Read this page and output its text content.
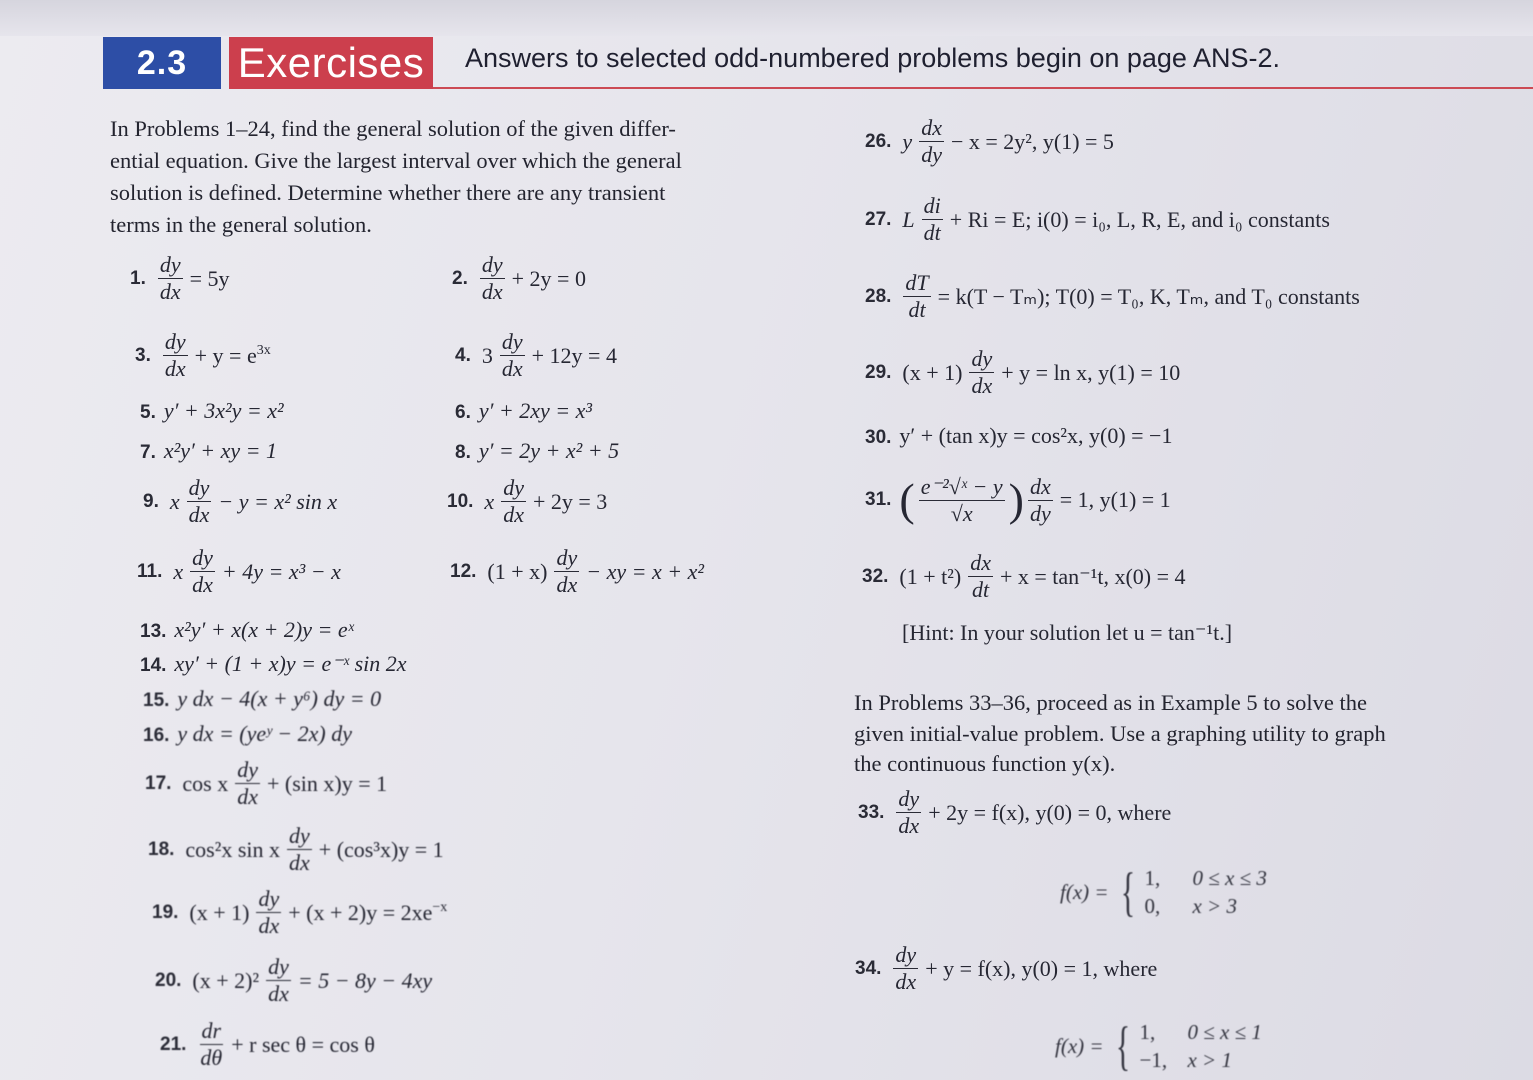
2.3	Exercises	Answers to selected odd-numbered problems begin on page ANS-2.
In Problems 1–24, find the general solution of the given differ-
ential equation. Give the largest interval over which the general
solution is defined. Determine whether there are any transient
terms in the general solution.
In Problems 33–36, proceed as in Example 5 to solve the
given initial-value problem. Use a graphing utility to graph
the continuous function y(x).
1. $\frac{dy}{dx} = 5y$	2. $\frac{dy}{dx} + 2y = 0$
3. $\frac{dy}{dx} + y = e^{3x}$	4. $3 \frac{dy}{dx} + 12y = 4$
5. y′ + 3x²y = x²	6. y′ + 2xy = x³
7. x²y′ + xy = 1	8. y′ = 2y + x² + 5
9. x $\frac{dy}{dx} - y = x^2$ sin x	10. x $\frac{dy}{dx} + 2y = 3$
11. x $\frac{dy}{dx} + 4y = x^3 - x$	12. $(1 + x) \frac{dy}{dx}$ − xy = x + x²
13. x²y′ + x(x + 2)y = eˣ
14. xy′ + (1 + x)y = e⁻ˣ sin 2x
15. y dx − 4(x + y⁶) dy = 0
16. y dx = (yeʸ − 2x) dy
17. cos x $\frac{dy}{dx} + (\sin$ x)y = 1
18. cos²x sin x $\frac{dy}{dx} + (\cos^3x)y = 1$
19. $(x + 1) \frac{dy}{dx} + (x + 2)y = 2xe^{-x}$
20. $(x + 2)^2 \frac{dy}{dx} = 5 - 8y - 4xy$
21. $\frac{dr}{d\theta} + r$ sec θ = cos θ
26. y $\frac{dx}{dy} - x = 2y^2$, y(1) = 5
27. L $\frac{di}{dt} + Ri = E$; i(0) = i₀, L, R, E, and i₀ constants
28. $\frac{dT}{dt} = k(T - T_m)$; T(0) = T₀, K, Tₘ, and T₀ constants
29. $(x + 1) \frac{dy}{dx} + y = \ln x$, y(1) = 10
30. y′ + (tan x)y = cos²x, y(0) = −1
31. ( $\frac{\text{e⁻²√ˣ − y}}{√x}$ ) $\frac{dx}{dy} = 1$, y(1) = 1
32. $(1 + t^2) \frac{dx}{dt} + x = \tan^{-1}t$, x(0) = 4
[Hint: In your solution let u = tan⁻¹t.]
33. $\frac{dy}{dx} + 2y = f(x)$, y(0) = 0, where
f(x) = { 1, 0 ≤ x ≤ 3
0, x > 3
34. $\frac{dy}{dx} + y = f(x)$, y(0) = 1, where
f(x) = { 1, 0 ≤ x ≤ 1
−1, x > 1
